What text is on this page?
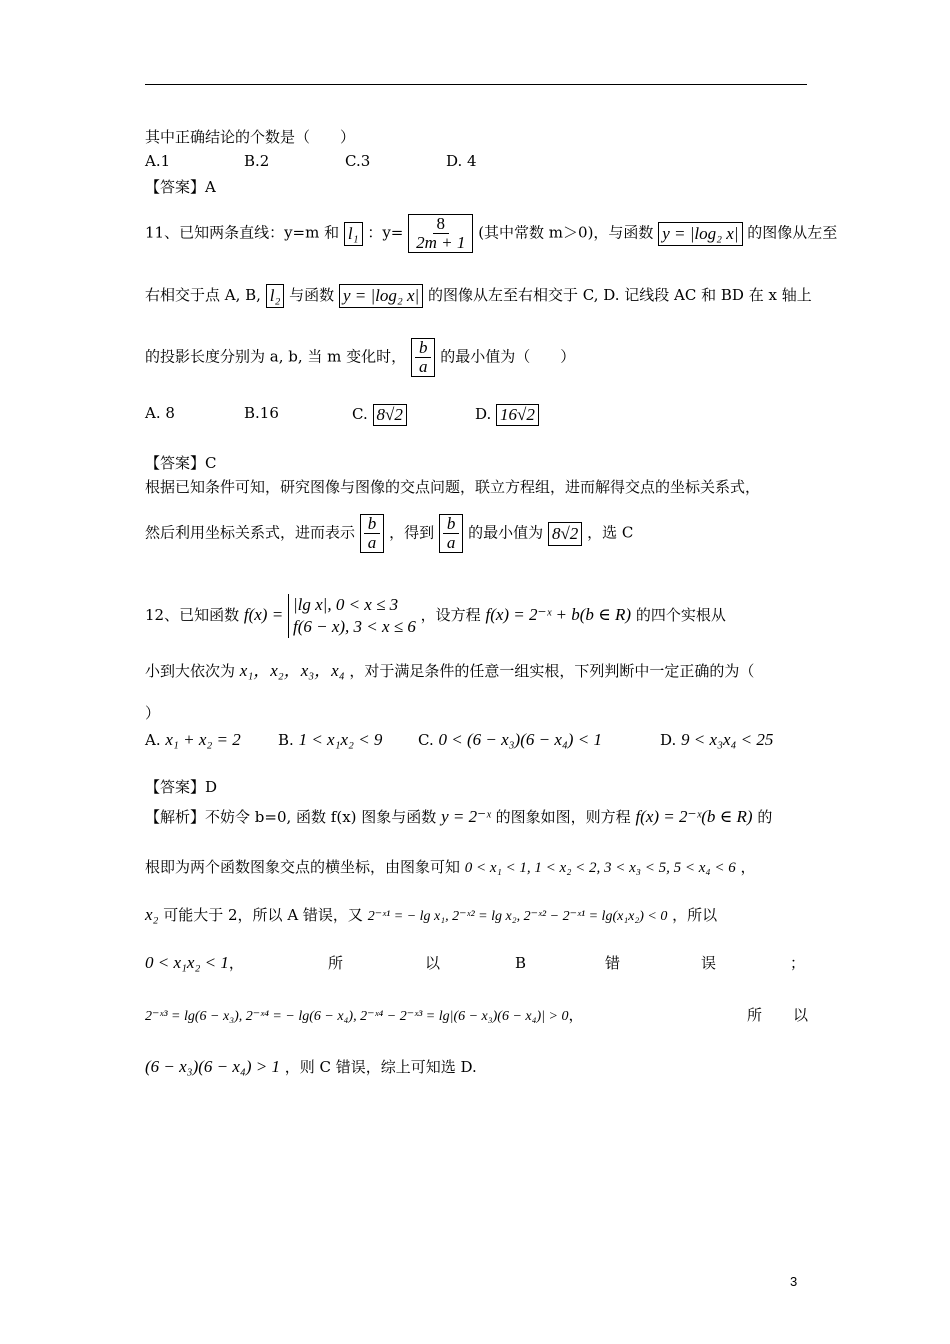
其中正确结论的个数是（　　）
A.1	B.2	C.3	D. 4
【答案】A
11、已知两条直线：y=m 和 l₁ ：$y= \frac{8}{2m + 1}$ (其中常数 m＞0)，与函数 y = |log₂ x| 的图像从左至
右相交于点 A, B, l₂ 与函数 y = |log₂ x| 的图像从左至右相交于 C, D. 记线段 AC 和 BD 在 x 轴上
的投影长度分别为 a, b, 当 m 变化时， $\frac{b}{a}$ 的最小值为（　　）
A. 8	B.16	C. 8√2	D. 16√2
【答案】C
根据已知条件可知，研究图像与图像的交点问题，联立方程组，进而解得交点的坐标关系式，
然后利用坐标关系式，进而表示 $\frac{b}{a}$ ，得到 $\frac{b}{a}$ 的最小值为 8√2 ，选 C
12、已知函数 f(x) =
|lg x|, 0 < x ≤ 3
f(6 − x), 3 < x ≤ 6
，设方程 f(x) = 2⁻ˣ + b(b ∈ R) 的四个实根从
小到大依次为 x₁，x₂，x₃，x₄ ，对于满足条件的任意一组实根，下列判断中一定正确的为（
）
A. x₁ + x₂ = 2 B. 1 < x₁x₂ < 9 C. 0 < (6 − x₃)(6 − x₄) < 1	D. 9 < x₃x₄ < 25
【答案】D
【解析】不妨令 b=0, 函数 f(x) 图象与函数 y = 2⁻ˣ 的图象如图，则方程 f(x) = 2⁻ˣ(b ∈ R) 的
根即为两个函数图象交点的横坐标，由图象可知 0 < x₁ < 1, 1 < x₂ < 2, 3 < x₃ < 5, 5 < x₄ < 6 ，
x₂ 可能大于 2，所以 A 错误，又 2⁻ˣ¹ = − lg x₁, 2⁻ˣ² = lg x₂, 2⁻ˣ² − 2⁻ˣ¹ = lg(x₁x₂) < 0 ，所以
0 < x₁x₂ < 1，	所	以	B	错	误	；
2⁻ˣ³ = lg(6 − x₃), 2⁻ˣ⁴ = − lg(6 − x₄), 2⁻ˣ⁴ − 2⁻ˣ³ = lg|(6 − x₃)(6 − x₄)| > 0，	所 以
(6 − x₃)(6 − x₄) > 1 ，则 C 错误，综上可知选 D.
3
